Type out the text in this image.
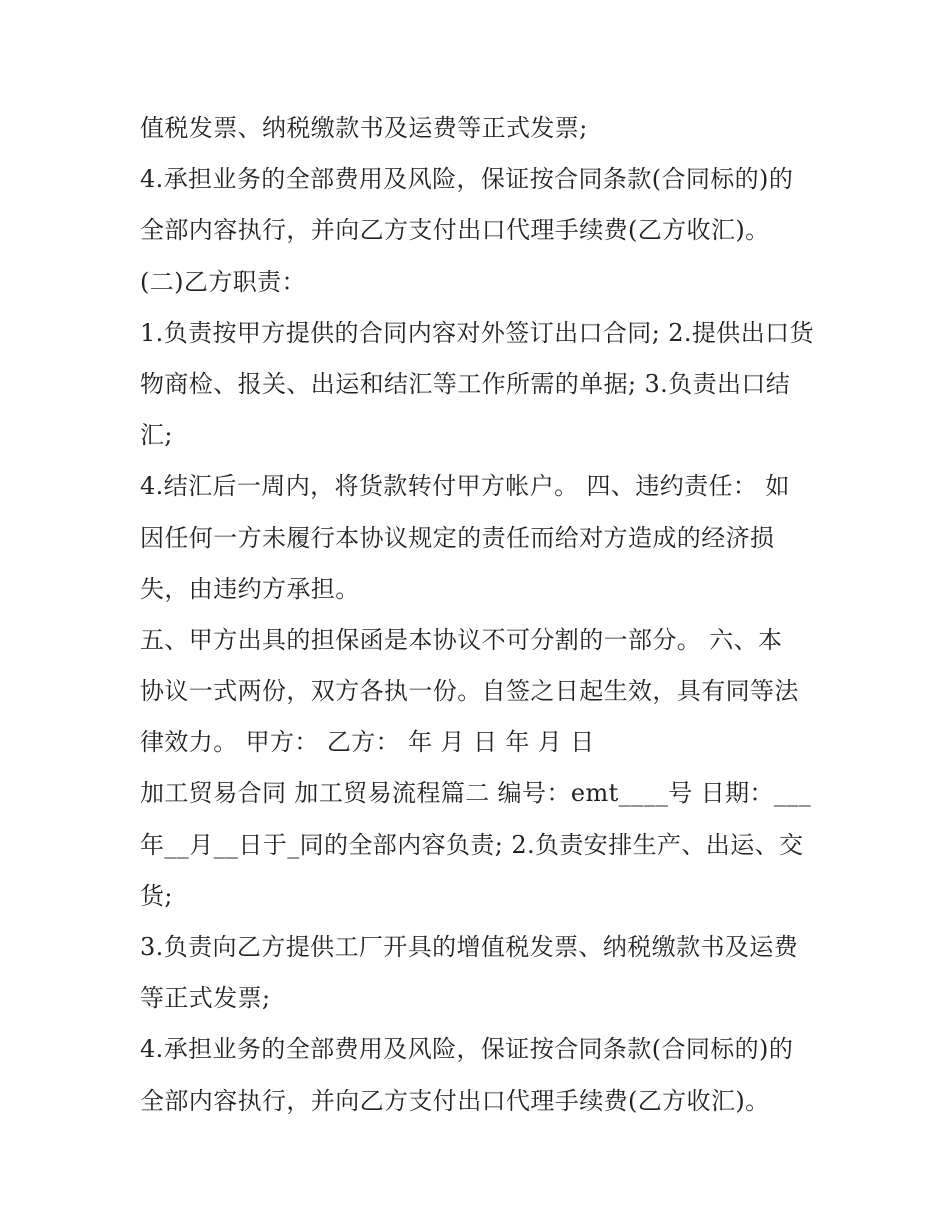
值税发票、纳税缴款书及运费等正式发票;

4.承担业务的全部费用及风险，保证按合同条款(合同标的)的

全部内容执行，并向乙方支付出口代理手续费(乙方收汇)。

(二)乙方职责：

1.负责按甲方提供的合同内容对外签订出口合同; 2.提供出口货

物商检、报关、出运和结汇等工作所需的单据; 3.负责出口结

汇;

4.结汇后一周内，将货款转付甲方帐户。 四、违约责任： 如

因任何一方未履行本协议规定的责任而给对方造成的经济损

失，由违约方承担。

五、甲方出具的担保函是本协议不可分割的一部分。 六、本

协议一式两份，双方各执一份。自签之日起生效，具有同等法

律效力。 甲方： 乙方： 年 月 日 年 月 日

加工贸易合同 加工贸易流程篇二 编号：emt____号 日期：___

年__月__日于_同的全部内容负责; 2.负责安排生产、出运、交

货;

3.负责向乙方提供工厂开具的增值税发票、纳税缴款书及运费

等正式发票;

4.承担业务的全部费用及风险，保证按合同条款(合同标的)的

全部内容执行，并向乙方支付出口代理手续费(乙方收汇)。
